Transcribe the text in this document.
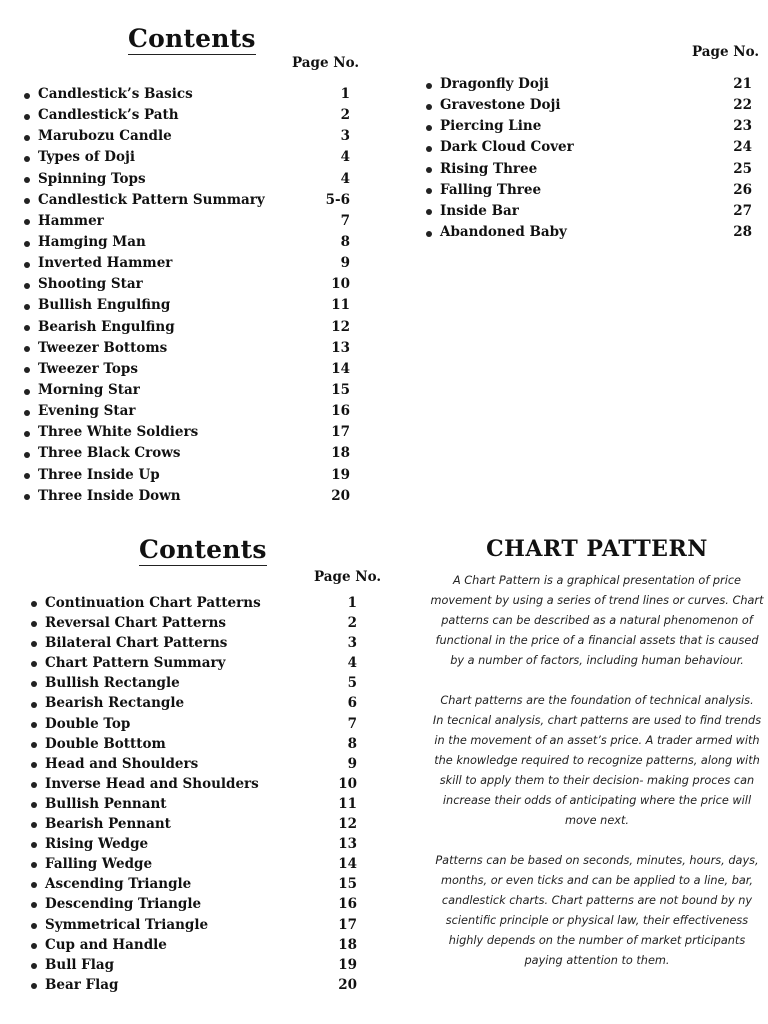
Contents
Page No.
Candlestick’s Basics	1
Candlestick’s Path	2
Marubozu Candle	3
Types of Doji	4
Spinning Tops	4
Candlestick Pattern Summary	5-6
Hammer	7
Hamging Man	8
Inverted Hammer	9
Shooting Star	10
Bullish Engulfing	11
Bearish Engulfing	12
Tweezer Bottoms	13
Tweezer Tops	14
Morning Star	15
Evening Star	16
Three White Soldiers	17
Three Black Crows	18
Three Inside Up	19
Three Inside Down	20
Page No.
Dragonfly Doji	21
Gravestone Doji	22
Piercing Line	23
Dark Cloud Cover	24
Rising Three	25
Falling Three	26
Inside Bar	27
Abandoned Baby	28
Contents
Page No.
Continuation Chart Patterns	1
Reversal Chart Patterns	2
Bilateral Chart Patterns	3
Chart Pattern Summary	4
Bullish Rectangle	5
Bearish Rectangle	6
Double Top	7
Double Botttom	8
Head and Shoulders	9
Inverse Head and Shoulders	10
Bullish Pennant	11
Bearish Pennant	12
Rising Wedge	13
Falling Wedge	14
Ascending Triangle	15
Descending Triangle	16
Symmetrical Triangle	17
Cup and Handle	18
Bull Flag	19
Bear Flag	20
CHART PATTERN
A Chart Pattern is a graphical presentation of price
movement by using a series of trend lines or curves. Chart
patterns can be described as a natural phenomenon of
functional in the price of a financial assets that is caused
by a number of factors, including human behaviour.
Chart patterns are the foundation of technical analysis.
In tecnical analysis, chart patterns are used to find trends
in the movement of an asset’s price. A trader armed with
the knowledge required to recognize patterns, along with
skill to apply them to their decision- making proces can
increase their odds of anticipating where the price will
move next.
Patterns can be based on seconds, minutes, hours, days,
months, or even ticks and can be applied to a line, bar,
candlestick charts. Chart patterns are not bound by ny
scientific principle or physical law, their effectiveness
highly depends on the number of market prticipants
paying attention to them.
